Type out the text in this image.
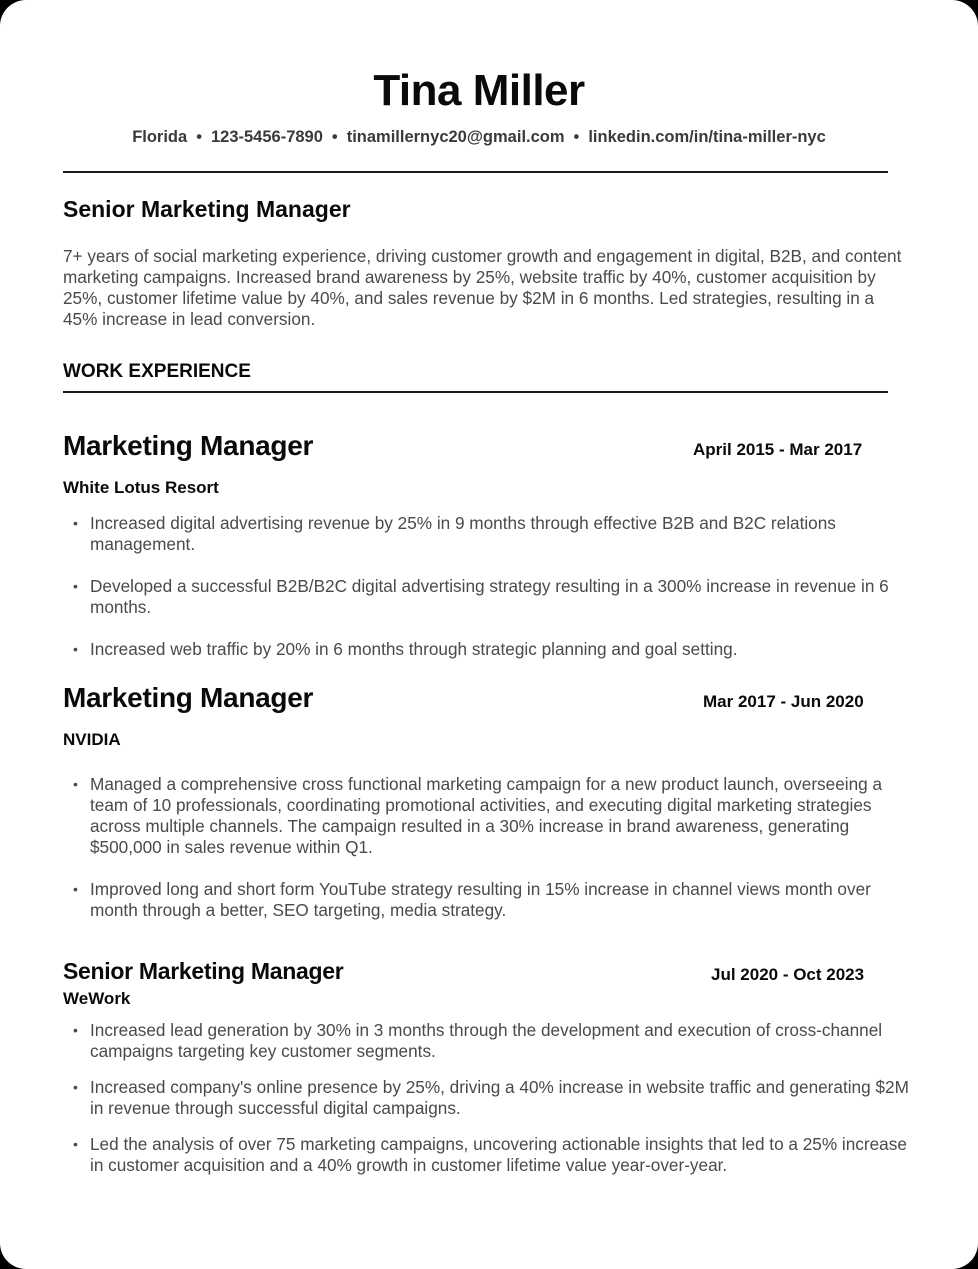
Tina Miller
Florida • 123-5456-7890 • tinamillernyc20@gmail.com • linkedin.com/in/tina-miller-nyc
Senior Marketing Manager
7+ years of social marketing experience, driving customer growth and engagement in digital, B2B, and content marketing campaigns. Increased brand awareness by 25%, website traffic by 40%, customer acquisition by 25%, customer lifetime value by 40%, and sales revenue by $2M in 6 months. Led strategies, resulting in a 45% increase in lead conversion.
WORK EXPERIENCE
Marketing Manager	April 2015 - Mar 2017
White Lotus Resort
• Increased digital advertising revenue by 25% in 9 months through effective B2B and B2C relations management.
• Developed a successful B2B/B2C digital advertising strategy resulting in a 300% increase in revenue in 6 months.
• Increased web traffic by 20% in 6 months through strategic planning and goal setting.
Marketing Manager	Mar 2017 - Jun 2020
NVIDIA
• Managed a comprehensive cross functional marketing campaign for a new product launch, overseeing a team of 10 professionals, coordinating promotional activities, and executing digital marketing strategies across multiple channels. The campaign resulted in a 30% increase in brand awareness, generating $500,000 in sales revenue within Q1.
• Improved long and short form YouTube strategy resulting in 15% increase in channel views month over month through a better, SEO targeting, media strategy.
Senior Marketing Manager	Jul 2020 - Oct 2023
WeWork
• Increased lead generation by 30% in 3 months through the development and execution of cross-channel campaigns targeting key customer segments.
• Increased company's online presence by 25%, driving a 40% increase in website traffic and generating $2M in revenue through successful digital campaigns.
• Led the analysis of over 75 marketing campaigns, uncovering actionable insights that led to a 25% increase in customer acquisition and a 40% growth in customer lifetime value year-over-year.
